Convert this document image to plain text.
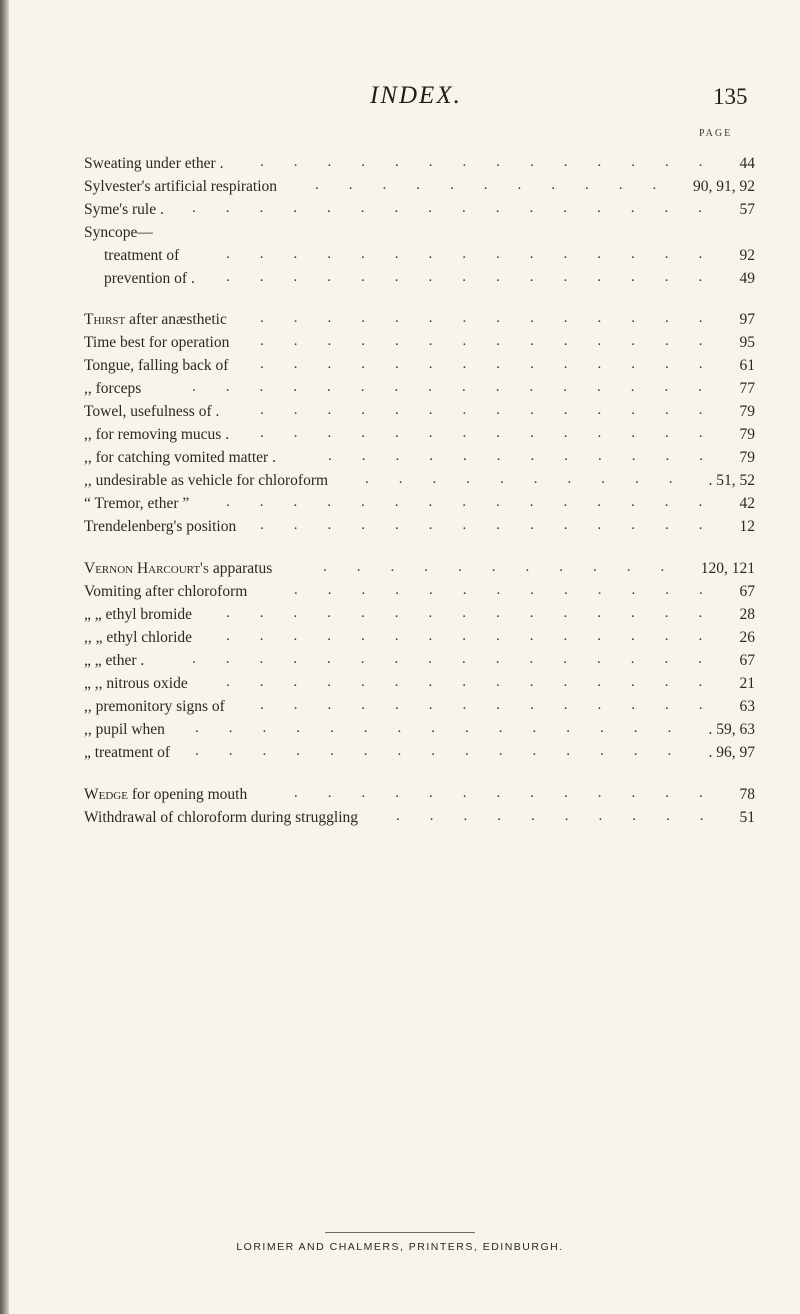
INDEX.	135
PAGE
Sweating under ether . .............. 44
Sylvester's artificial respiration	........... 90, 91, 92
Syme's rule . ................ 57
Syncope—
treatment of	............... 92
prevention of . ............... 49
Thirst after anæsthetic .............. 97
Time best for operation .............. 95
Tongue, falling back of .............. 61
,, forceps	................ 77
Towel, usefulness of .	.............. 79
,, for removing mucus . .............. 79
,, for catching vomited matter .	............ 79
,, undesirable as vehicle for chloroform .......... . 51, 52
“ Tremor, ether ” ............... 42
Trendelenberg's position .............. 12
Vernon Harcourt's apparatus	........... 120, 121
Vomiting after chloroform	............. 67
„ „ ethyl bromide ............... 28
,, „ ethyl chloride ............... 26
„ „ ether .	................ 67
„ ,, nitrous oxide	............... 21
,, premonitory signs of .............. 63
,, pupil when ............... . 59, 63
„ treatment of ............... . 96, 97
Wedge for opening mouth	............. 78
Withdrawal of chloroform during struggling	.......... 51
LORIMER AND CHALMERS, PRINTERS, EDINBURGH.
